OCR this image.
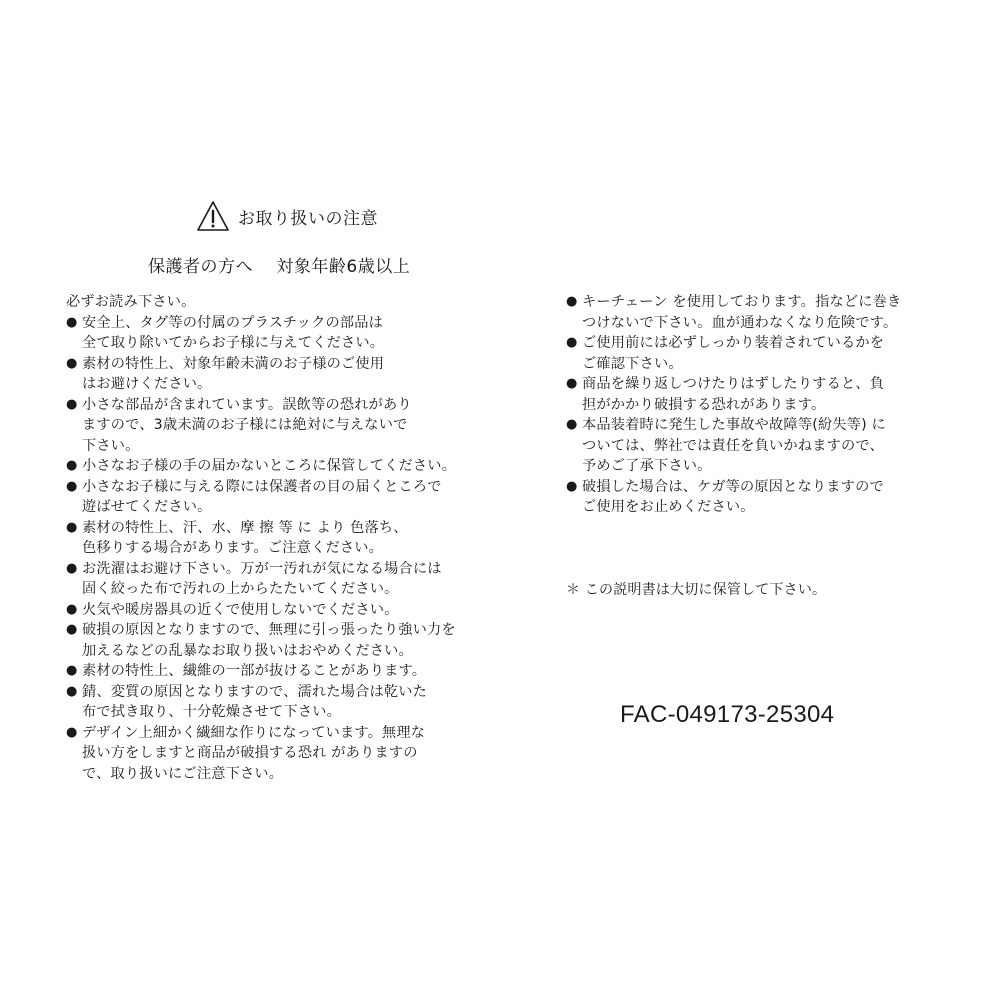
お取り扱いの注意
保護者の方へ　 対象年齢6歳以上
必ずお読み下さい。
● 安全上、タグ等の付属のプラスチックの部品は
全て取り除いてからお子様に与えてください。
● 素材の特性上、対象年齢未満のお子様のご使用
はお避けください。
● 小さな部品が含まれています。誤飲等の恐れがあり
ますので、3歳未満のお子様には絶対に与えないで
下さい。
● 小さなお子様の手の届かないところに保管してください。
● 小さなお子様に与える際には保護者の目の届くところで
遊ばせてください。
● 素材の特性上、汗、水、摩 擦 等 に より 色落ち、
色移りする場合があります。ご注意ください。
● お洗濯はお避け下さい。万が一汚れが気になる場合には
固く絞った布で汚れの上からたたいてください。
● 火気や暖房器具の近くで使用しないでください。
● 破損の原因となりますので、無理に引っ張ったり強い力を
加えるなどの乱暴なお取り扱いはおやめください。
● 素材の特性上、繊維の一部が抜けることがあります。
● 錆、変質の原因となりますので、濡れた場合は乾いた
布で拭き取り、十分乾燥させて下さい。
● デザイン上細かく繊細な作りになっています。無理な
扱い方をしますと商品が破損する恐れ がありますの
で、取り扱いにご注意下さい。
● キーチェーン を使用しております。指などに巻き
つけないで下さい。血が通わなくなり危険です。
● ご使用前には必ずしっかり装着されているかを
ご確認下さい。
● 商品を繰り返しつけたりはずしたりすると、負
担がかかり破損する恐れがあります。
● 本品装着時に発生した事故や故障等(紛失等) に
ついては、弊社では責任を負いかねますので、
予めご了承下さい。
● 破損した場合は、ケガ等の原因となりますので
ご使用をお止めください。
＊ この説明書は大切に保管して下さい。
FAC-049173-25304
